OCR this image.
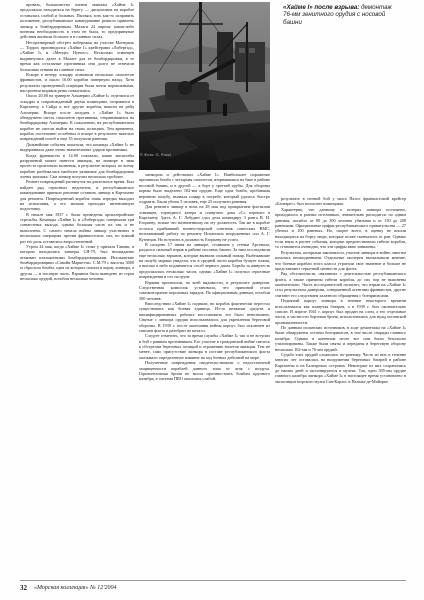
провать, большинство членов экипажа «Хайме I» продолжало находиться на берегу — дисциплина на корабле оставалась слабой и больных. Пытаясь хоть как-то исправить положение, республиканское командование решило привлечь линкор к бомбардировкам. Малаги 24 апреля: какая-либо военная необходимость в этом не была, то предпринятые действия вызвали большое и в главных силах.

Несоразмерный обстрел побережья на участке Монтриль — Торрох производился «Хайме I» крейсерами «Либертад», «Хайме I» и «Мендес Нуньес». Несколько эсминцев выдвинулись далее к Малаге для ее бомбардировки, в то время как остальные противника они долго не отвечали большими огнями на главные силы.

Вскоре к вечеру эскадру атаковали несколько самолетов франкистов, и около 16.00 корабли повернули назад. Хотя результаты проведенной операции были почти нормальными, настроения моряков резко повысились.

Около 20.00 на траверзе Альмерии «Хайме I» отделился от эскадры и сопровождаемый двумя эсминцами, отправился в Картахену, а Сайда и все другие корабли, вышли на рейд Альмерии. Вскоре после полудня с «Хайме I» было обнаружено шесть самолетов противника, отправившихся на бомбардировку Альмерии. К сожалению, на республиканском корабле не смогли выйти на своих позициях. Тем временем, корабль постепенно ослабевал и вскоре в результате тяжелых повреждений погиб и еще 35 получили ранения.

Дальнейшие события показали, что команда «Хайме I» не выдерживала даже очень значительных ударов противника.

Когда франкисты в 14.00 показали, какие масштабы разрушений может нанести авиация, на линкоре в знак протеста произошли волнения, в результате которых по всему кораблю разбежались наиболее уязвимые для бомбардировок члены экипажа. Сам линкор получил несколько пробоин.

Ремонт повреждений растянулся на длительное время. Был найден ряд серьезных недочетов, и республиканское командование приняло решение оставить линкор в Картахене для ремонта. Поврежденный корабль лишь изредка выходил на испытания, а его экипаж проходил интенсивную подготовку.

В начале мая 1937 г. были проведены артиллерийские стрельбы. Команды «Хайме I» и «Либертада» совершили три совместных выхода, однако большая часть их так и не выполнена. С самого начала войны линкор участвовал в нескольких операциях против франкистских сил, но всякий раз его роль оставалась второстепенной.

Утром 24 мая, когда «Хайме I» стоял у причала Гавани, в котором находились танкеры СЯ-79, был неожиданно атакован итальянскими бомбардировщиками. Итальянские бомбардировщики «Савойя-Маркетти» С.М.79 с высоты 3000 м сбросили бомбы, одна из которых попала в корму линкора, а другая — в носовую часть. Взрывом было выведено из строя несколько орудий, погибли несколько человек.

«Хайме I» после взрыва: демонтаж 76-мм зенитного орудия с носовой башни

линкором и действовал «Хайме I». Наибольшее поражение причинила бомба с четырьмя самолетов, взорвавшаяся на баке в районе носовой башни, и в другой — в борт у третьей трубы. Для обороны кормы было выделено 102-мм орудие. Еще одна бомба, пробившая верхнюю палубу, вызвала пожар в погребе, который удалось быстро отдраить. Были убиты 5 человек, еще 23 получили ранения.

Для ремонта линкор в ночь на 28 мая под прикрытием флотилии эсминцев, торпедного катера и плавучего дока «С» перешел в Картахену. Здесь А. Г. Лобудин сдал дела командиру 3 ранга В. Н. Егорьеву, только что назначенному на эту должность. Так же в корабле остался прибывший военно-морской советник советских ВМС, возглавивший работу по ремонту Испанских вооруженных сил А. Г. Кузнецов. Но вступить в должность Егорьеву не успел.

В полдень 17 июня на линкоре, стоявшем у стенки Арсенала, раздался сильный взрыв в районе носовых башен. За ним последовали еще несколько взрывов, которые вызвали сильный пожар. Выбежавшие на палубу моряки увидели, что в средней части корабля бушует пламя, а высоко в небо поднимается столб черного дыма. Борьба за живучесть продолжалась несколько часов, однако «Хайме I» получил серьезные повреждения и сел на грунт.

Взрывы произошли, по всей видимости, в результате диверсии. Следственная комиссия установила, что причиной стало самовозгорание пороховых зарядов. По официальным данным, погибли 300 человек.

Впоследствии «Хайме I» подняли, но корабль фактически перестал существовать как боевая единица. Из-за нехватки средств и квалифицированных рабочих восстановить его было невозможно. Снятые с линкора орудия использовались для укрепления береговой обороны. В 1939 г. после окончания войны корпус был исключен из списков флота и разобран на металл.

Следует отметить, что за время службы «Хайме I» так и не вступил в бой с равным противником. Его участие в гражданской войне свелось к обстрелам береговых позиций и отражению налетов авиации. Тем не менее, само присутствие линкора в составе республиканского флота оказывало определенное влияние на ход боевых действий на море.

Полученные повреждения свидетельствовали о недостаточной защищенности кораблей данного типа от атак с воздуха. Горизонтальная броня не могла противостоять бомбам крупного калибра, а система ПВО оказалась слабой.

результате в ночной бой у мыса Палос франкистский крейсер «Балеарес» был потоплен эсминцами.

Характерно, что данному о потерях линкора постоянно, приходилось в разных источниках, значительно расходятся: по одним данным, погибло от 80 до 300 человек убитыми и от 150 до 200 ранеными. Официальные цифры республиканского правительства — 27 убитых и 100 раненых. Но, скорее всего, в оценку не вошли находящиеся на борту люди, которые позже скончались от ран. Однако если взять в расчет события, которые предшествовали гибели корабля, то становится очевидно, что эти цифры явно занижены.

Результаты, которыми закончилось участие линкора в войне, многим казались неожиданными. Отдельные эксперты высказывали мнение, что боевые корабли этого класса утратили свое значение и больше не представляют серьезной ценности для флота.

Ряд обстоятельств, связанных с деятельностью республиканского флота, а также причины гибели корабля, до сих пор не выяснены окончательно. Часть исследователей полагает, что взрыв на «Хайме I» стал результатом диверсии, совершенной агентами франкистов, другие считают его следствием халатного обращения с боеприпасами.

Поднятый корпус линкора в течение некоторого времени использовался как плавучая батарея, а в 1939 г. был окончательно списан. В апреле 1941 г. корпус был продан на слом, а его отдельные части, в частности бортовая броня, использовались для нужд испанской промышленности.

По данным испанских источников, в ходе демонтажа на «Хайме I» были обнаружены остатки боеприпасов, в том числе снаряды главного калибра. Однако в конечном итоге все они были безопасно утилизированы. Также были сняты и переданы в береговую оборону несколько 102-мм и 76-мм орудий.

Судьба этих орудий сложилась по-разному. Часть из них в течение многих лет оставалась на вооружении береговых батарей в районе Картахены и на Балеарских островах. Некоторые из них сохранились до наших дней и экспонируются в музеях. Так, одно 305-мм орудие главного калибра линкора «Хайме I» в настоящее время установлено в экспозиции морского музея Сан-Карлос в Пальма-де-Майорке.

32 «Морская коллекция» № 12'2004
© Фото: G. Rozzi
